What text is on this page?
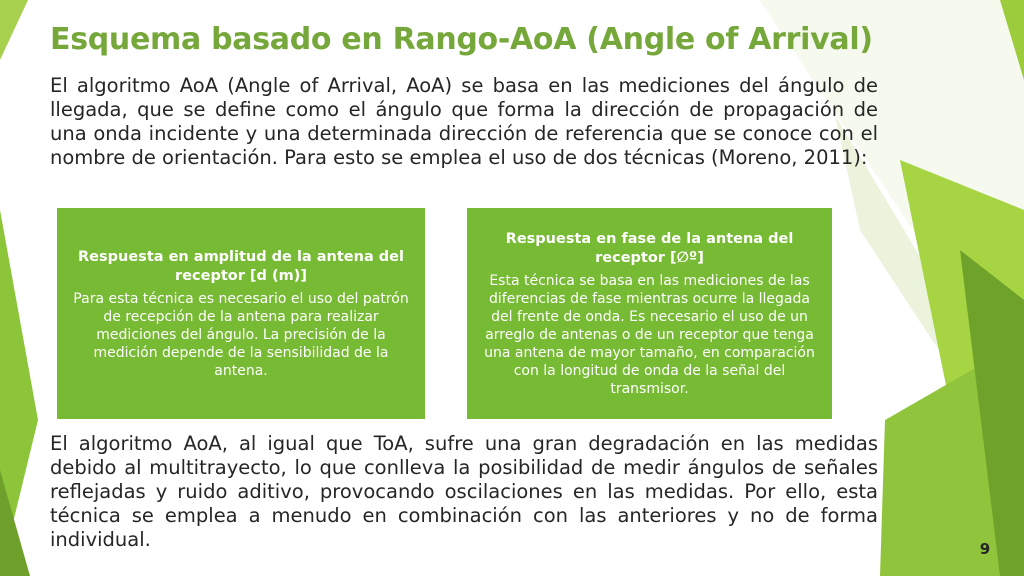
Esquema basado en Rango-AoA (Angle of Arrival)

El algoritmo AoA (Angle of Arrival, AoA) se basa en las mediciones del ángulo de llegada, que se define como el ángulo que forma la dirección de propagación de una onda incidente y una determinada dirección de referencia que se conoce con el nombre de orientación. Para esto se emplea el uso de dos técnicas (Moreno, 2011):

Respuesta en amplitud de la antena del receptor [d (m)]
Para esta técnica es necesario el uso del patrón de recepción de la antena para realizar mediciones del ángulo. La precisión de la medición depende de la sensibilidad de la antena.
Respuesta en fase de la antena del receptor [∅º]
Esta técnica se basa en las mediciones de las diferencias de fase mientras ocurre la llegada del frente de onda. Es necesario el uso de un arreglo de antenas o de un receptor que tenga una antena de mayor tamaño, en comparación con la longitud de onda de la señal del transmisor.

El algoritmo AoA, al igual que ToA, sufre una gran degradación en las medidas debido al multitrayecto, lo que conlleva la posibilidad de medir ángulos de señales reflejadas y ruido aditivo, provocando oscilaciones en las medidas. Por ello, esta técnica se emplea a menudo en combinación con las anteriores y no de forma individual.	9
